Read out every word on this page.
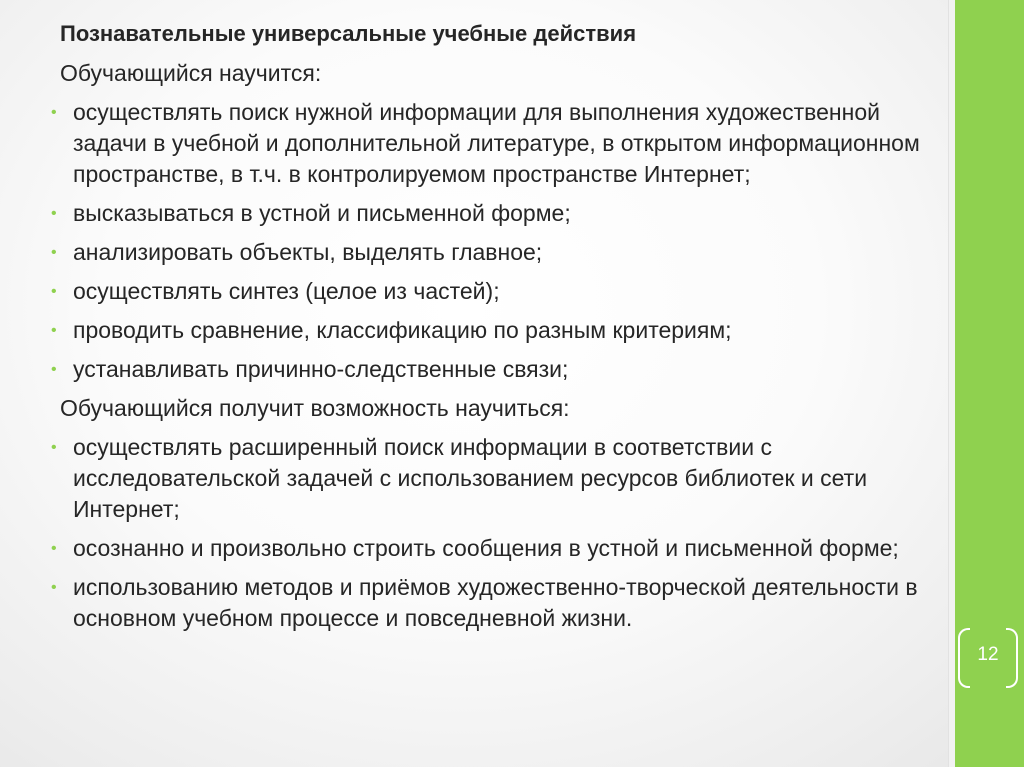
12
Познавательные универсальные учебные действия
Обучающийся научится:
• осуществлять поиск нужной информации для выполнения художественной задачи в учебной и дополнительной литературе, в открытом информационном пространстве, в т.ч. в контролируемом пространстве Интернет;
• высказываться в устной и письменной форме;
• анализировать объекты, выделять главное;
• осуществлять синтез (целое из частей);
• проводить сравнение, классификацию по разным критериям;
• устанавливать причинно-следственные связи;
Обучающийся получит возможность научиться:
• осуществлять расширенный поиск информации в соответствии с исследовательской задачей с использованием ресурсов библиотек и сети Интернет;
• осознанно и произвольно строить сообщения в устной и письменной форме;
• использованию методов и приёмов художественно-творческой деятельности в основном учебном процессе и повседневной жизни.
